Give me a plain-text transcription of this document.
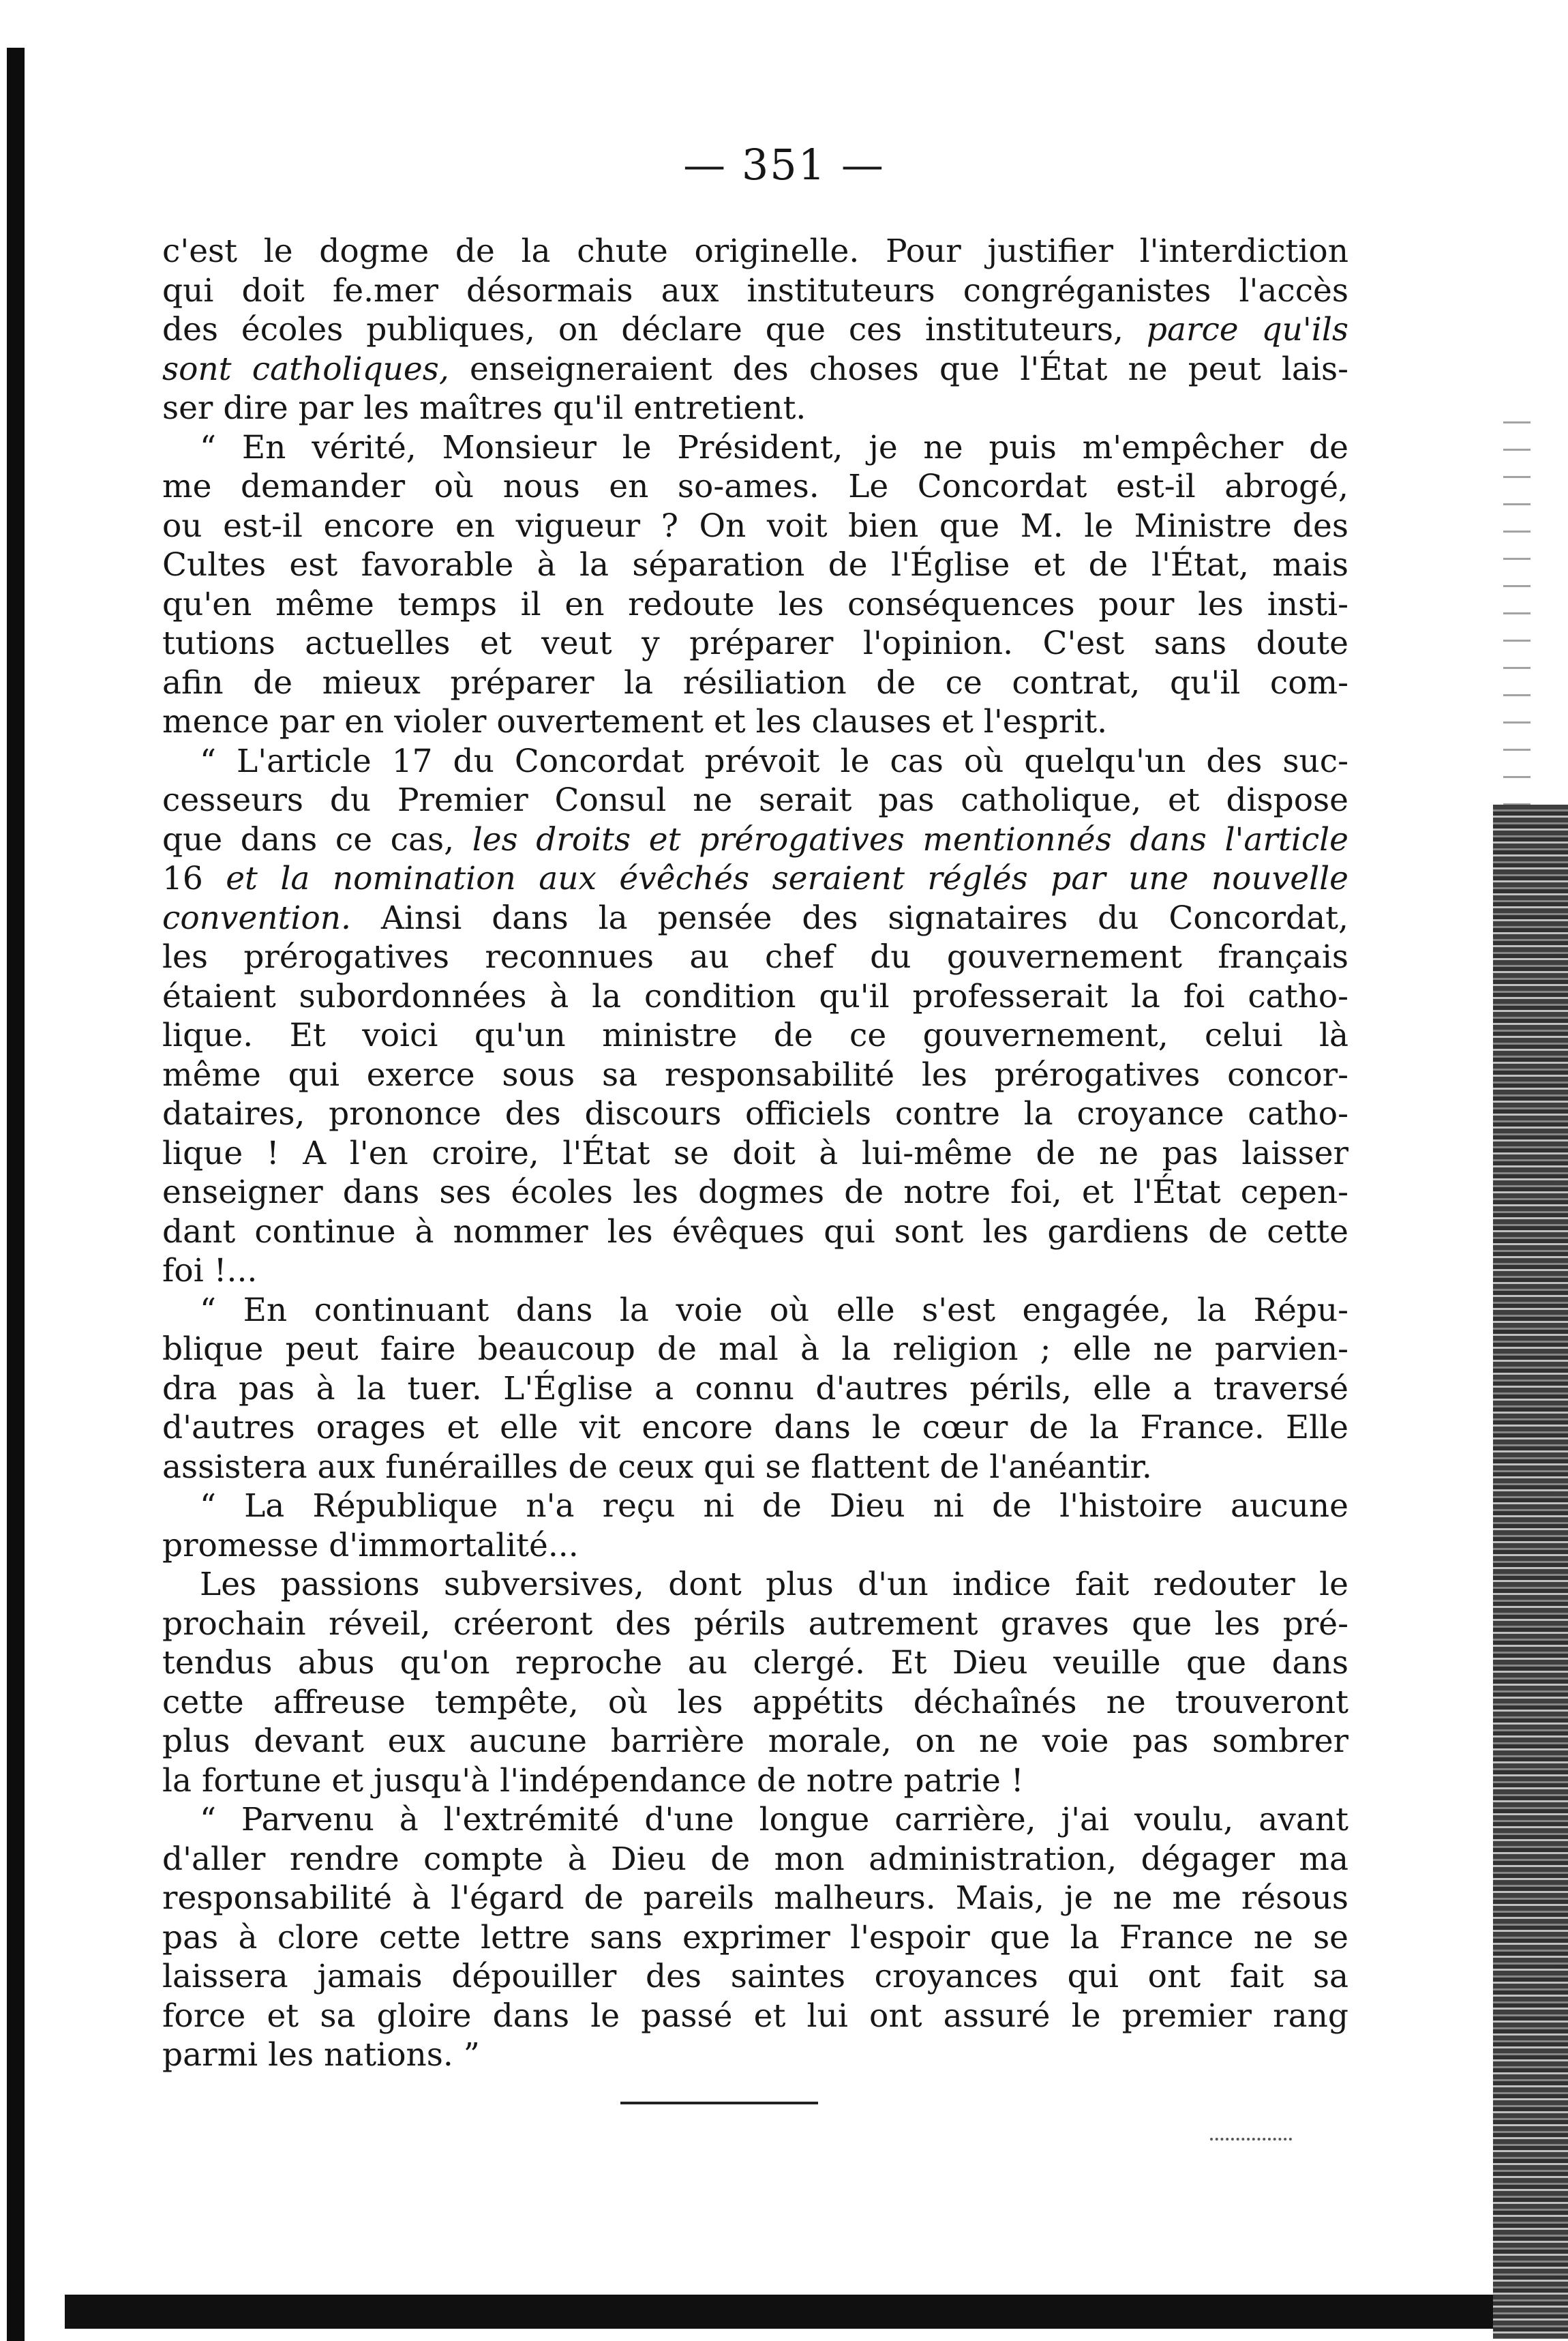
— 351 —
c'est le dogme de la chute originelle. Pour justifier l'interdiction
qui doit fe.mer désormais aux instituteurs congréganistes l'accès
des écoles publiques, on déclare que ces instituteurs, parce qu'ils
sont catholiques, enseigneraient des choses que l'État ne peut lais-
ser dire par les maîtres qu'il entretient.
“ En vérité, Monsieur le Président, je ne puis m'empêcher de
me demander où nous en so-ames. Le Concordat est-il abrogé,
ou est-il encore en vigueur ? On voit bien que M. le Ministre des
Cultes est favorable à la séparation de l'Église et de l'État, mais
qu'en même temps il en redoute les conséquences pour les insti-
tutions actuelles et veut y préparer l'opinion. C'est sans doute
afin de mieux préparer la résiliation de ce contrat, qu'il com-
mence par en violer ouvertement et les clauses et l'esprit.
“ L'article 17 du Concordat prévoit le cas où quelqu'un des suc-
cesseurs du Premier Consul ne serait pas catholique, et dispose
que dans ce cas, les droits et prérogatives mentionnés dans l'article
16 et la nomination aux évêchés seraient réglés par une nouvelle
convention. Ainsi dans la pensée des signataires du Concordat,
les prérogatives reconnues au chef du gouvernement français
étaient subordonnées à la condition qu'il professerait la foi catho-
lique. Et voici qu'un ministre de ce gouvernement, celui là
même qui exerce sous sa responsabilité les prérogatives concor-
dataires, prononce des discours officiels contre la croyance catho-
lique ! A l'en croire, l'État se doit à lui-même de ne pas laisser
enseigner dans ses écoles les dogmes de notre foi, et l'État cepen-
dant continue à nommer les évêques qui sont les gardiens de cette
foi !...
“ En continuant dans la voie où elle s'est engagée, la Répu-
blique peut faire beaucoup de mal à la religion ; elle ne parvien-
dra pas à la tuer. L'Église a connu d'autres périls, elle a traversé
d'autres orages et elle vit encore dans le cœur de la France. Elle
assistera aux funérailles de ceux qui se flattent de l'anéantir.
“ La République n'a reçu ni de Dieu ni de l'histoire aucune
promesse d'immortalité...
Les passions subversives, dont plus d'un indice fait redouter le
prochain réveil, créeront des périls autrement graves que les pré-
tendus abus qu'on reproche au clergé. Et Dieu veuille que dans
cette affreuse tempête, où les appétits déchaînés ne trouveront
plus devant eux aucune barrière morale, on ne voie pas sombrer
la fortune et jusqu'à l'indépendance de notre patrie !
“ Parvenu à l'extrémité d'une longue carrière, j'ai voulu, avant
d'aller rendre compte à Dieu de mon administration, dégager ma
responsabilité à l'égard de pareils malheurs. Mais, je ne me résous
pas à clore cette lettre sans exprimer l'espoir que la France ne se
laissera jamais dépouiller des saintes croyances qui ont fait sa
force et sa gloire dans le passé et lui ont assuré le premier rang
parmi les nations. ”
